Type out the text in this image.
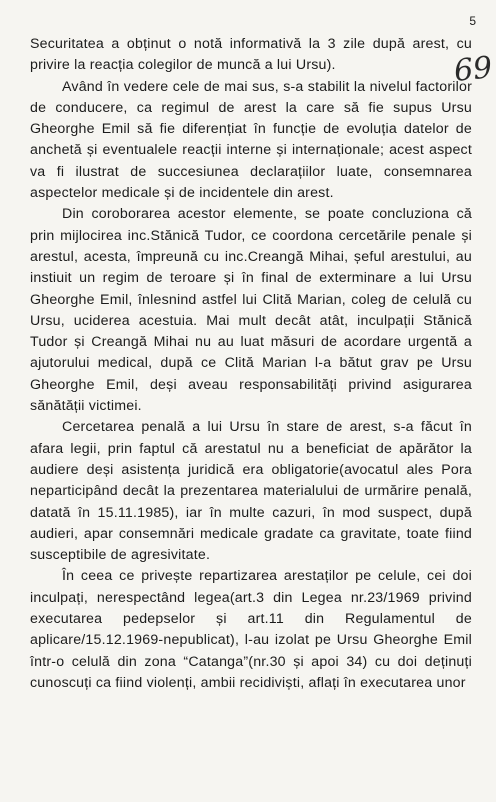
5
69

Securitatea a obținut o notă informativă la 3 zile după arest, cu privire la reacția colegilor de muncă a lui Ursu).

Având în vedere cele de mai sus, s-a stabilit la nivelul factorilor de conducere, ca regimul de arest la care să fie supus Ursu Gheorghe Emil să fie diferențiat în funcție de evoluția datelor de anchetă și eventualele reacții interne și internaționale; acest aspect va fi ilustrat de succesiunea declarațiilor luate, consemnarea aspectelor medicale și de incidentele din arest.

Din coroborarea acestor elemente, se poate concluziona că prin mijlocirea inc.Stănică Tudor, ce coordona cercetările penale și arestul, acesta, împreună cu inc.Creangă Mihai, șeful arestului, au instiuit un regim de teroare și în final de exterminare a lui Ursu Gheorghe Emil, înlesnind astfel lui Clită Marian, coleg de celulă cu Ursu, uciderea acestuia. Mai mult decât atât, inculpații Stănică Tudor și Creangă Mihai nu au luat măsuri de acordare urgentă a ajutorului medical, după ce Clită Marian l-a bătut grav pe Ursu Gheorghe Emil, deși aveau responsabilități privind asigurarea sănătății victimei.

Cercetarea penală a lui Ursu în stare de arest, s-a făcut în afara legii, prin faptul că arestatul nu a beneficiat de apărător la audiere deși asistența juridică era obligatorie(avocatul ales Pora neparticipând decât la prezentarea materialului de urmărire penală, datată în 15.11.1985), iar în multe cazuri, în mod suspect, după audieri, apar consemnări medicale gradate ca gravitate, toate fiind susceptibile de agresivitate.

În ceea ce privește repartizarea arestaților pe celule, cei doi inculpați, nerespectând legea(art.3 din Legea nr.23/1969 privind executarea pedepselor și art.11 din Regulamentul de aplicare/15.12.1969-nepublicat), l-au izolat pe Ursu Gheorghe Emil într-o celulă din zona “Catanga”(nr.30 și apoi 34) cu doi deținuți cunoscuți ca fiind violenți, ambii recidiviști, aflați în executarea unor
